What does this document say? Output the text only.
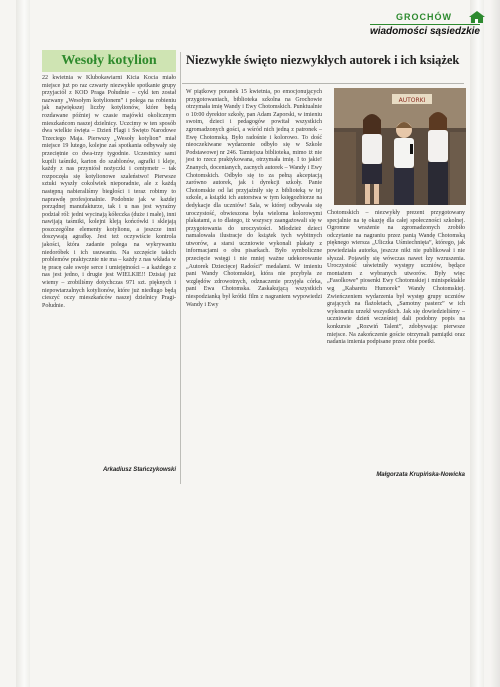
GROCHÓW
wiadomości sąsiedzkie
Wesoły kotylion
22 kwietnia w Klubokawiarni Kicia Kocia miało miejsce już po raz czwarty niezwykłe spotkanie grupy przyjaciół z KOD Praga Południe – cykl ten został nazwany „Wesołym kotylionem” i polega na robieniu jak największej liczby kotylionów, które będą rozdawane później w czasie majówki okolicznym mieszkańcom naszej dzielnicy. Uczcimy w ten sposób dwa wielkie święta – Dzień Flagi i Święto Narodowe Trzeciego Maja. Pierwszy „Wesoły kotylion” miał miejsce 19 lutego, kolejne zaś spotkania odbywały się przeciętnie co dwa-trzy tygodnie. Uczestnicy sami kupili taśmiki, karton do szablonów, agrafki i kleje, każdy z nas przyniósł nożyczki i centymetr – tak rozpoczęła się kotylionowe szaleństwo! Pierwsze sztuki wyszły cokolwiek nieporadnie, ale z każdą następną nabieraliśmy biegłości i teraz robimy to naprawdę profesjonalnie. Podobnie jak w każdej porządnej manufakturze, tak i u nas jest wyraźny podział ról: jedni wycinają kółeczka (duże i małe), inni nawijają taśmiki, kolejni kleją końcówki i sklejają poszczególne elementy kotylionu, a jeszcze inni doszywają agrafkę. Jest też oczywiście kontrola jakości, która zadanie polega na wykrywaniu niedoróbek i ich usuwaniu. Na szczęście takich problemów praktycznie nie ma – każdy z nas wkłada w tę pracę całe swoje serce i umiejętności – a każdego z nas jest jedno, i drugie jest WIELKIE!! Dzisiaj już wiemy – zrobiliśmy dotychczas 971 szt. pięknych i niepowtarzalnych kotylionów, które już niedługo będą cieszyć oczy mieszkańców naszej dzielnicy Pragi-Południe.
Arkadiusz Stańczykowski
Niezwykłe święto niezwykłych autorek i ich książek
W piątkowy poranek 15 kwietnia, po emocjonujących przygotowaniach, biblioteka szkolna na Grochowie otrzymała imię Wandy i Ewy Chotomskich. Punktualnie o 10:00 dyrektor szkoły, pan Adam Zaporski, w imieniu swoim, dzieci i pedagogów powitał wszystkich zgromadzonych gości, a wśród nich jedną z patronek – Ewę Chotomską. Było radośnie i kolorowo. To dość nieoczekiwane wydarzenie odbyło się w Szkole Podstawowej nr 246. Tamtejsza biblioteka, mimo iż nie jest to rzecz praktykowana, otrzymała imię. I to jakie! Znanych, docenianych, zacnych autorek – Wandy i Ewy Chotomskich. Odbyło się to za pełną akceptacją zarówno autorek, jak i dyrekcji szkoły. Panie Chotomskie od lat przyjaźniły się z biblioteką w tej szkole, a książki ich autorstwa w tym księgozbiorze na dedykacje dla uczniów! Sala, w której odbywała się uroczystość, obwieszona była wieloma kolorowymi plakatami, a to dlatego, iż wszyscy zaangażowali się w przygotowania do uroczystości. Młodzież dzieci namalowała ilustracje do książek tych wybitnych utworów, a starsi uczniowie wykonali plakaty z informacjami o obu pisarkach. Było symboliczne przecięcie wstęgi i nie mniej ważne udekorowanie „Autorek Dziecięcej Radości” medalami. W imieniu pani Wandy Chotomskiej, która nie przybyła ze względów zdrowotnych, odznaczenie przyjęła córka, pani Ewa Chotomska. Zaskakującą wszystkich niespodzianką był krótki film z nagraniem wypowiedzi Wandy i Ewy
AUTORKI
Chotomskich – niezwykły prezent przygotowany specjalnie na tę okazję dla całej społeczności szkolnej. Ogromne wrażenie na zgromadzonych zrobiło odczytanie na nagraniu przez panią Wandę Chotomską pięknego wiersza „Uliczka Uśmiechnięta”, którego, jak powiedziała autorka, jeszcze nikt nie publikował i nie słyszał. Pojawiły się wówczas nawet łzy wzruszenia. Uroczystość uświetniły występy uczniów, będące montażem z wybranych utworów. Były więc „Fasolkowe” piosenki Ewy Chotomskiej i minispektakle wg „Kabaretu Humorek” Wandy Chotomskiej. Zwieńczeniem wydarzenia był występ grupy uczniów grających na flażoletach, „Samotny pasterz” w ich wykonaniu urzekł wszystkich. Jak się dowiedzieliśmy – uczniowie dzień wcześniej dali podobny popis na konkursie „Rozwiń Talent”, zdobywając pierwsze miejsce. Na zakończenie goście otrzymali pamiątki oraz nadania imienia podpisane przez obie poetki.
Małgorzata Krupińska-Nowicka
